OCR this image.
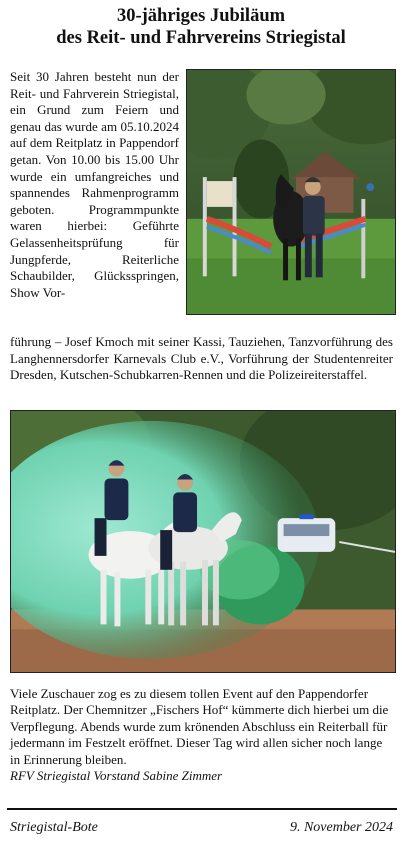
30-jähriges Jubiläum
des Reit- und Fahrvereins Striegistal
Seit 30 Jahren besteht nun der Reit- und Fahrverein Striegistal, ein Grund zum Feiern und genau das wurde am 05.10.2024 auf dem Reitplatz in Pappendorf getan. Von 10.00 bis 15.00 Uhr wurde ein umfangreiches und spannendes Rahmenprogramm geboten. Programmpunkte waren hierbei: Geführte Gelassenheitsprüfung für Jungpferde, Reiterliche Schaubilder, Glücksspringen, Show Vor-
führung – Josef Kmoch mit seiner Kassi, Tauziehen, Tanzvorführung des Langhennersdorfer Karnevals Club e.V., Vorführung der Studentenreiter Dresden, Kutschen-Schubkarren-Rennen und die Polizeireiterstaffel.
Viele Zuschauer zog es zu diesem tollen Event auf den Pappendorfer Reitplatz. Der Chemnitzer „Fischers Hof“ kümmerte dich hierbei um die Verpflegung. Abends wurde zum krönenden Abschluss ein Reiterball für jedermann im Festzelt eröffnet. Dieser Tag wird allen sicher noch lange in Erinnerung bleiben.
RFV Striegistal Vorstand Sabine Zimmer
Striegistal-Bote	9. November 2024
